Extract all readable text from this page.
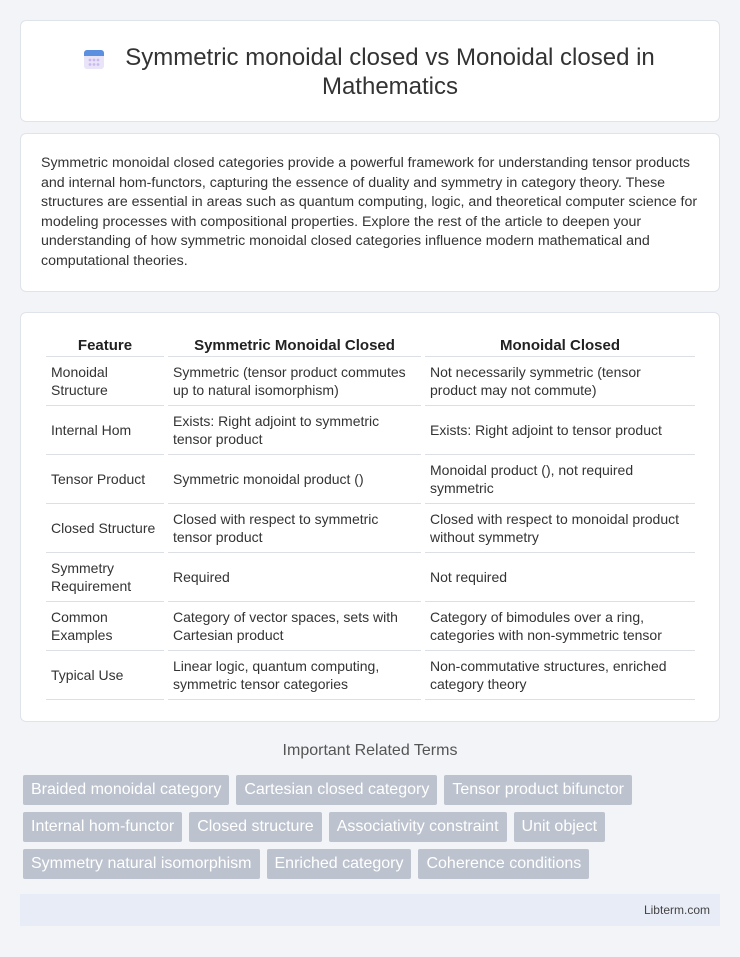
Symmetric monoidal closed vs Monoidal closed in Mathematics

Symmetric monoidal closed categories provide a powerful framework for understanding tensor products and internal hom-functors, capturing the essence of duality and symmetry in category theory. These structures are essential in areas such as quantum computing, logic, and theoretical computer science for modeling processes with compositional properties. Explore the rest of the article to deepen your understanding of how symmetric monoidal closed categories influence modern mathematical and computational theories.

Feature	Symmetric Monoidal Closed	Monoidal Closed
Monoidal Structure	Symmetric (tensor product commutes up to natural isomorphism)	Not necessarily symmetric (tensor product may not commute)
Internal Hom	Exists: Right adjoint to symmetric tensor product	Exists: Right adjoint to tensor product
Tensor Product	Symmetric monoidal product ()	Monoidal product (), not required symmetric
Closed Structure	Closed with respect to symmetric tensor product	Closed with respect to monoidal product without symmetry
Symmetry Requirement	Required	Not required
Common Examples	Category of vector spaces, sets with Cartesian product	Category of bimodules over a ring, categories with non-symmetric tensor
Typical Use	Linear logic, quantum computing, symmetric tensor categories	Non-commutative structures, enriched category theory
Important Related Terms
Braided monoidal category	Cartesian closed category	Tensor product bifunctor
Internal hom-functor	Closed structure	Associativity constraint	Unit object
Symmetry natural isomorphism	Enriched category	Coherence conditions
Libterm.com
